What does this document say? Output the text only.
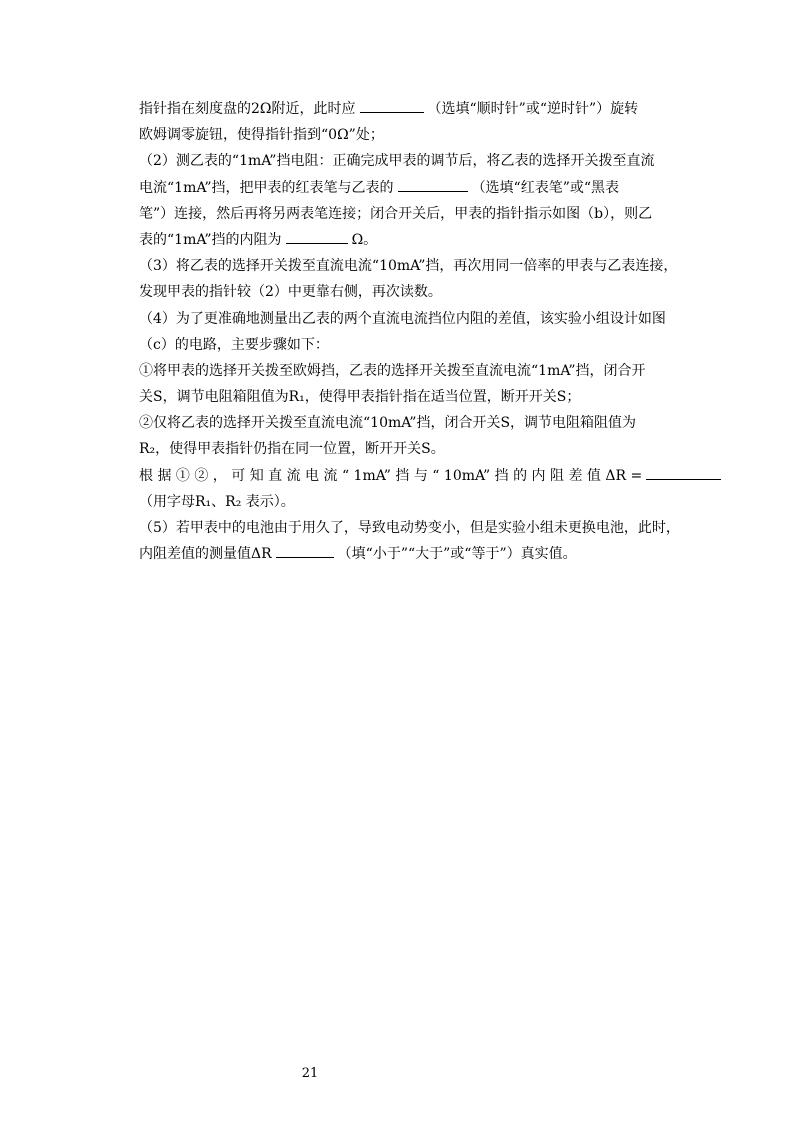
指针指在刻度盘的2Ω附近，此时应	（选填“顺时针”或“逆时针”）旋转
欧姆调零旋钮，使得指针指到“0Ω”处；
（2）测乙表的“1mA”挡电阻：正确完成甲表的调节后，将乙表的选择开关拨至直流
电流“1mA”挡，把甲表的红表笔与乙表的	（选填“红表笔”或“黑表
笔”）连接，然后再将另两表笔连接；闭合开关后，甲表的指针指示如图（b），则乙
表的“1mA”挡的内阻为	Ω。
（3）将乙表的选择开关拨至直流电流“10mA”挡，再次用同一倍率的甲表与乙表连接，
发现甲表的指针较（2）中更靠右侧，再次读数。
（4）为了更准确地测量出乙表的两个直流电流挡位内阻的差值，该实验小组设计如图
（c）的电路，主要步骤如下：
①将甲表的选择开关拨至欧姆挡，乙表的选择开关拨至直流电流“1mA”挡，闭合开
关S，调节电阻箱阻值为R₁，使得甲表指针指在适当位置，断开开关S；
②仅将乙表的选择开关拨至直流电流“10mA”挡，闭合开关S，调节电阻箱阻值为
R₂，使得甲表指针仍指在同一位置，断开开关S。
根 据 ① ② ， 可 知 直 流 电 流 “ 1mA” 挡 与 “ 10mA” 挡 的 内 阻 差 值 ΔR =
（用字母R₁、R₂ 表示）。
（5）若甲表中的电池由于用久了，导致电动势变小，但是实验小组未更换电池，此时，
内阻差值的测量值ΔR	（填“小于”“大于”或“等于”）真实值。
21
